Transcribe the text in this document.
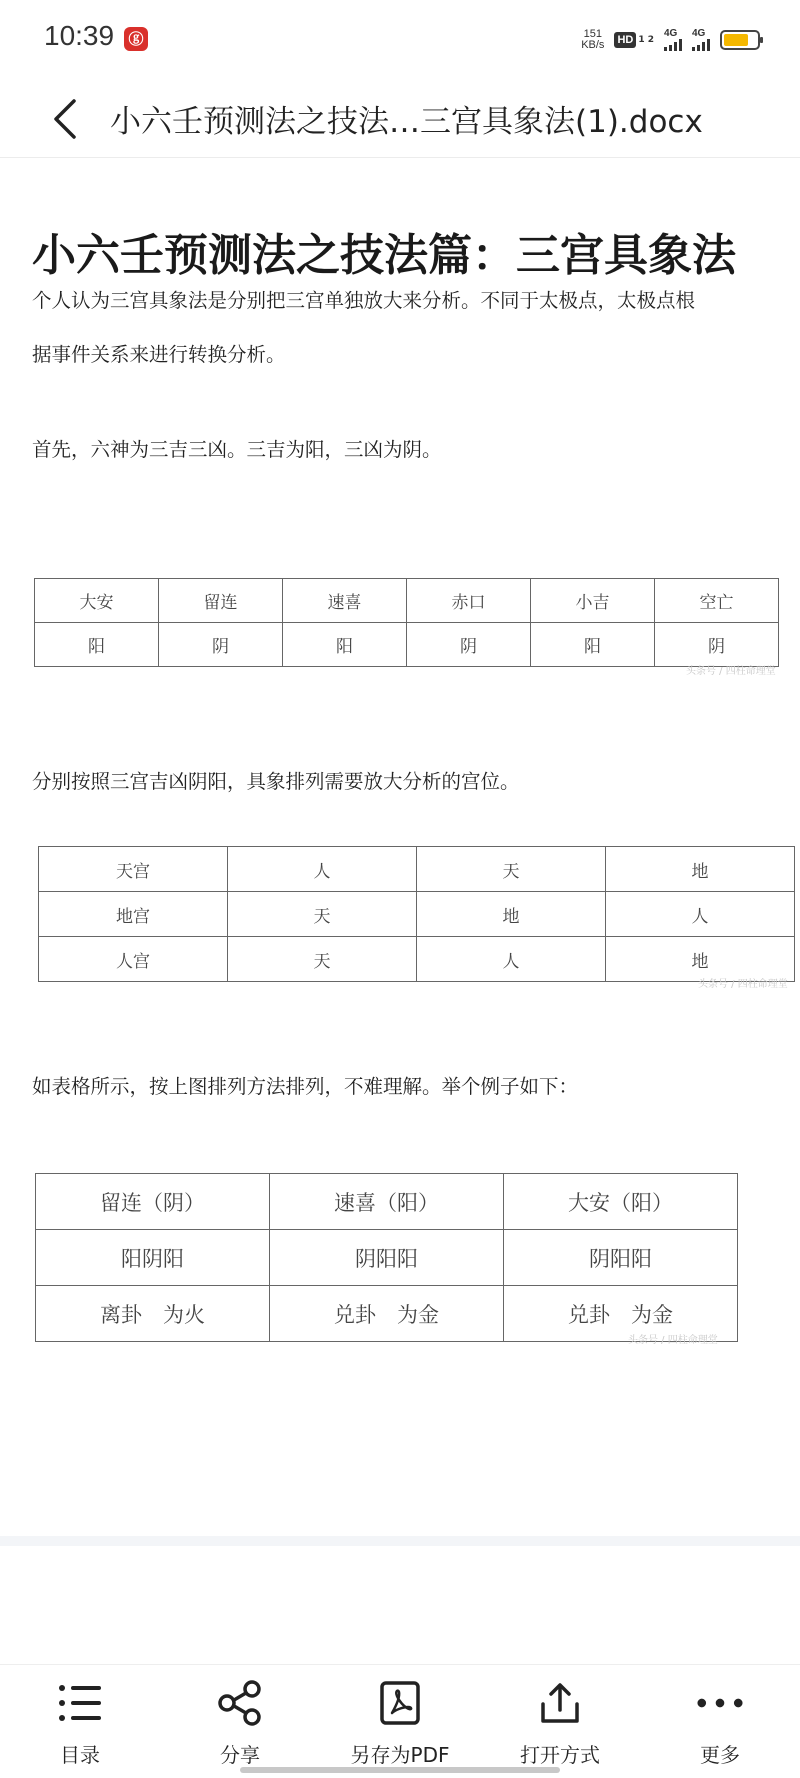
10:39 ⓖ	151
KB/s HD 1 2
4G 4G
小六壬预测法之技法…三宫具象法(1).docx
小六壬预测法之技法篇：三宫具象法
个人认为三宫具象法是分别把三宫单独放大来分析。不同于太极点，太极点根
据事件关系来进行转换分析。
首先，六神为三吉三凶。三吉为阳，三凶为阴。
大安	留连	速喜	赤口	小吉	空亡
阳	阴	阳	阴	阳	阴
头条号 / 四柱命理堂
分别按照三宫吉凶阴阳，具象排列需要放大分析的宫位。
天宫	人	天	地
地宫	天	地	人
人宫	天	人	地
头条号 / 四柱命理堂
如表格所示，按上图排列方法排列，不难理解。举个例子如下：
留连（阴）	速喜（阳）	大安（阳）
阳阴阳	阴阳阳	阴阳阳
离卦　为火	兑卦　为金	兑卦　为金
头条号 / 四柱命理堂
目录	分享	另存为PDF	打开方式	更多
